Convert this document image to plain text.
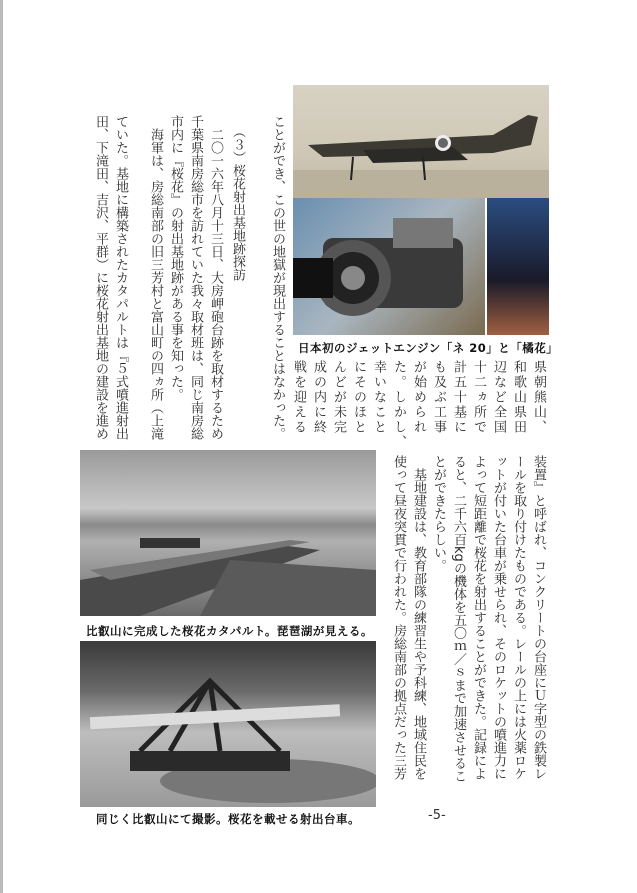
日本初のジェットエンジン「ネ 20」と「橘花」
県朝熊山、
和歌山県田
辺など全国
十二ヵ所で
計五十基に
も及ぶ工事
が始められ
た。しかし、
幸いなこと
にそのほと
んどが未完
成の内に終
戦を迎える
ていた。基地に構築されたカタパルトは『５式噴進射出
田、下滝田、吉沢、平群）に桜花射出基地の建設を進め	ことができ、この世の地獄が現出することはなかった。
（３）桜花射出基地跡探訪
　二〇一六年八月十三日、大房岬砲台跡を取材するため
千葉県南房総市を訪れていた我々取材班は、同じ南房総
市内に『桜花』の射出基地跡がある事を知った。
　海軍は、房総南部の旧三芳村と富山町の四ヵ所（上滝
比叡山に完成した桜花カタパルト。琵琶湖が見える。
同じく比叡山にて撮影。桜花を載せる射出台車。
装置』と呼ばれ、コンクリートの台座にＵ字型の鉄製レ
ールを取り付けたものである。レールの上には火薬ロケ
ットが付いた台車が乗せられ、そのロケットの噴進力に
よって短距離で桜花を射出することができた。記録によ
ると、二千六百kgの機体を五〇ｍ／ｓまで加速させるこ
とができたらしい。
　基地建設は、教育部隊の練習生や予科練、地域住民を
使って昼夜突貫で行われた。房総南部の拠点だった三芳
-5-
